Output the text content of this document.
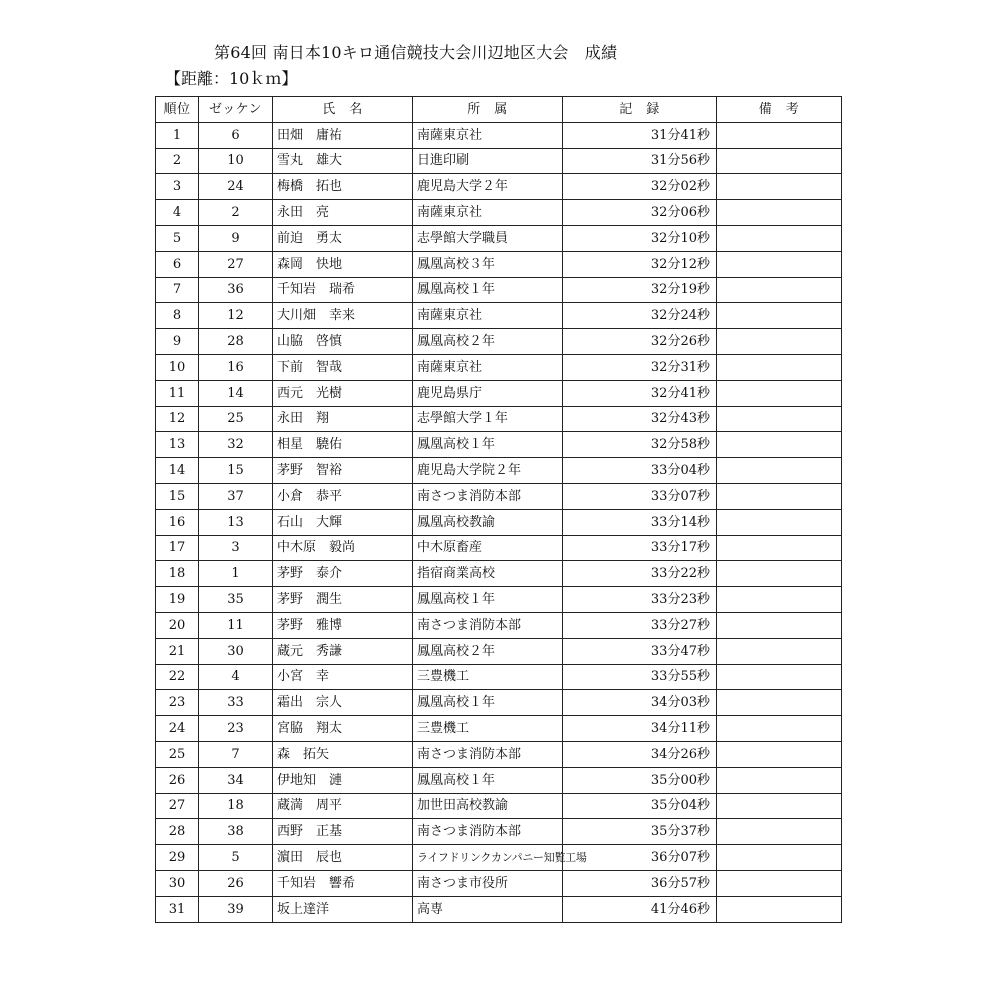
第64回 南日本10キロ通信競技大会川辺地区大会　成績
【距離：10ｋｍ】
順位	ゼッケン	氏　名	所　属	記　録	備　考
1	6	田畑　庸祐	南薩東京社	31分41秒	
2	10	雪丸　雄大	日進印刷	31分56秒	
3	24	梅橋　拓也	鹿児島大学２年	32分02秒	
4	2	永田　亮	南薩東京社	32分06秒	
5	9	前迫　勇太	志學館大学職員	32分10秒	
6	27	森岡　快地	鳳凰高校３年	32分12秒	
7	36	千知岩　瑞希	鳳凰高校１年	32分19秒	
8	12	大川畑　幸来	南薩東京社	32分24秒	
9	28	山脇　啓慎	鳳凰高校２年	32分26秒	
10	16	下前　智哉	南薩東京社	32分31秒	
11	14	西元　光樹	鹿児島県庁	32分41秒	
12	25	永田　翔	志學館大学１年	32分43秒	
13	32	相星　驍佑	鳳凰高校１年	32分58秒	
14	15	茅野　智裕	鹿児島大学院２年	33分04秒	
15	37	小倉　恭平	南さつま消防本部	33分07秒	
16	13	石山　大輝	鳳凰高校教諭	33分14秒	
17	3	中木原　毅尚	中木原畜産	33分17秒	
18	1	茅野　泰介	指宿商業高校	33分22秒	
19	35	茅野　潤生	鳳凰高校１年	33分23秒	
20	11	茅野　雅博	南さつま消防本部	33分27秒	
21	30	蔵元　秀謙	鳳凰高校２年	33分47秒	
22	4	小宮　幸	三豊機工	33分55秒	
23	33	霜出　宗人	鳳凰高校１年	34分03秒	
24	23	宮脇　翔太	三豊機工	34分11秒	
25	7	森　拓矢	南さつま消防本部	34分26秒	
26	34	伊地知　漣	鳳凰高校１年	35分00秒	
27	18	蔵満　周平	加世田高校教諭	35分04秒	
28	38	西野　正基	南さつま消防本部	35分37秒	
29	5	濵田　辰也	ライフドリンクカンパニー知覧工場	36分07秒	
30	26	千知岩　響希	南さつま市役所	36分57秒	
31	39	坂上達洋	高専	41分46秒	
